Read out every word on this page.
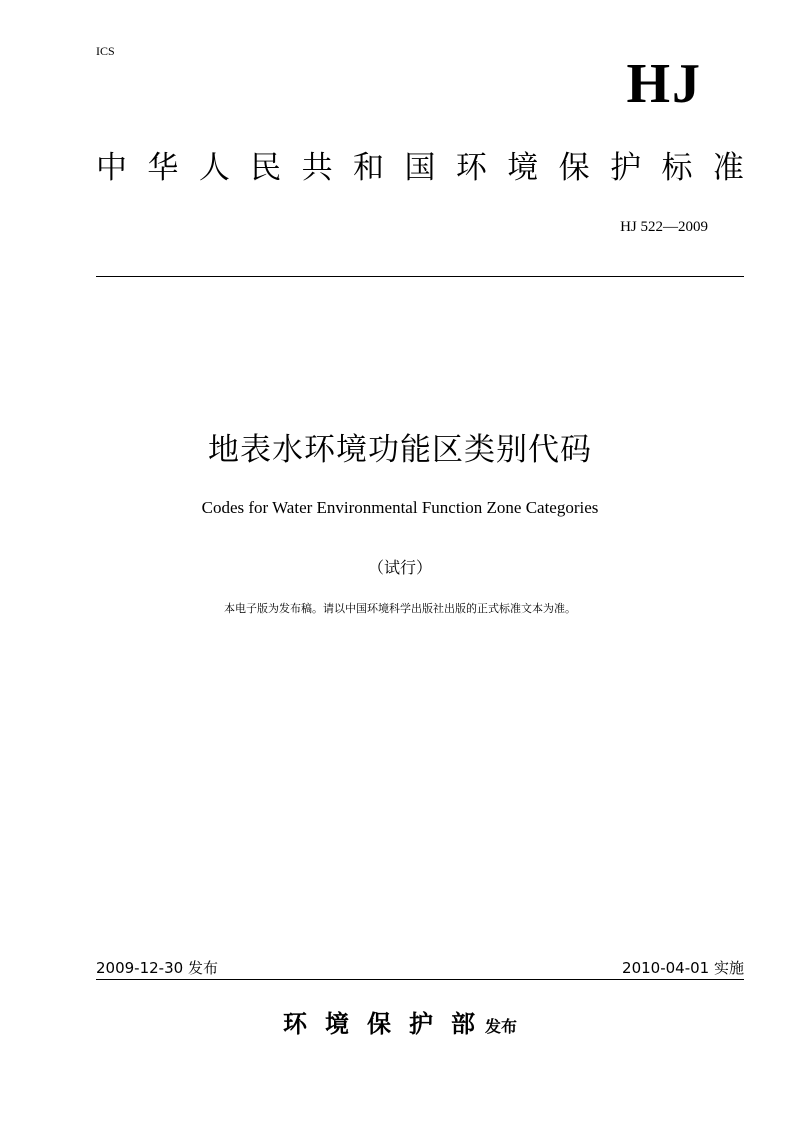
ICS
HJ
中 华 人 民 共 和 国 环 境 保 护 标 准
HJ 522—2009
地表水环境功能区类别代码
Codes for Water Environmental Function Zone Categories
（试行）
本电子版为发布稿。请以中国环境科学出版社出版的正式标准文本为准。
2009-12-30 发布	2010-04-01 实施
环 境 保 护 部 发布
